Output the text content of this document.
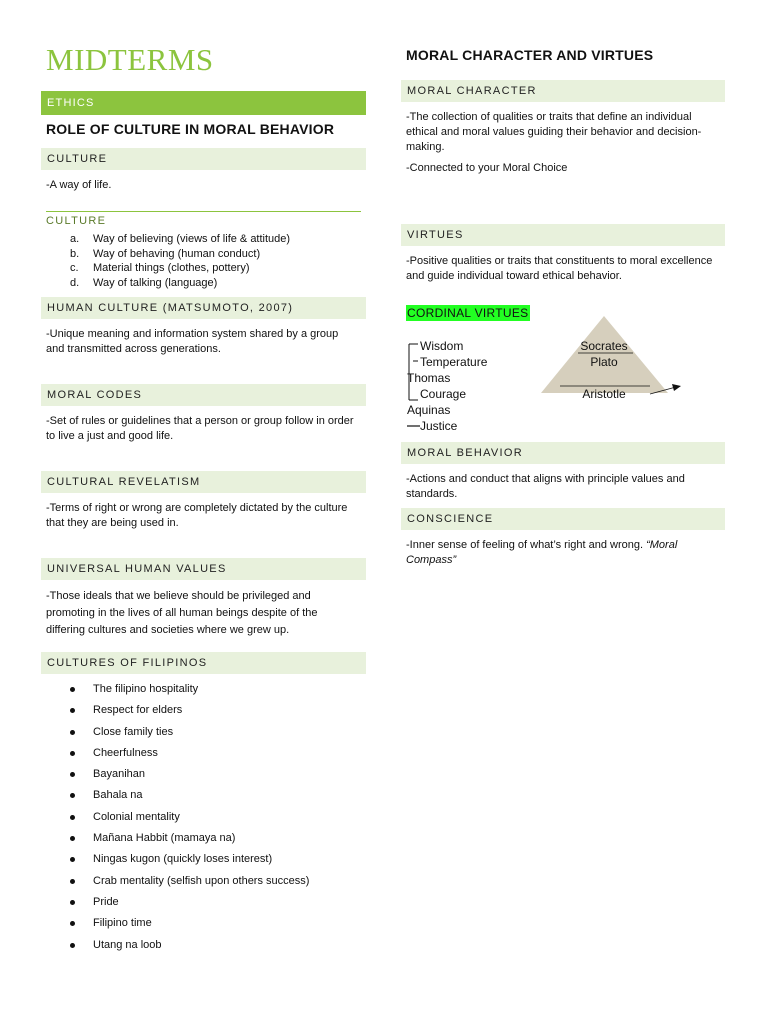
MIDTERMS
ETHICS
ROLE OF CULTURE IN MORAL BEHAVIOR
CULTURE
-A way of life.
CULTURE
a. Way of believing (views of life & attitude)
b. Way of behaving (human conduct)
c. Material things (clothes, pottery)
d. Way of talking (language)
HUMAN CULTURE (MATSUMOTO, 2007)
-Unique meaning and information system shared by a group and transmitted across generations.
MORAL CODES
-Set of rules or guidelines that a person or group follow in order to live a just and good life.
CULTURAL REVELATISM
-Terms of right or wrong are completely dictated by the culture that they are being used in.
UNIVERSAL HUMAN VALUES
-Those ideals that we believe should be privileged and promoting in the lives of all human beings despite of the differing cultures and societies where we grew up.
CULTURES OF FILIPINOS
The filipino hospitality
Respect for elders
Close family ties
Cheerfulness
Bayanihan
Bahala na
Colonial mentality
Mañana Habbit (mamaya na)
Ningas kugon (quickly loses interest)
Crab mentality (selfish upon others success)
Pride
Filipino time
Utang na loob
MORAL CHARACTER AND VIRTUES
MORAL CHARACTER
-The collection of qualities or traits that define an individual ethical and moral values guiding their behavior and decision- making.
-Connected to your Moral Choice
VIRTUES
-Positive qualities or traits that constituents to moral excellence and guide individual toward ethical behavior.
CORDINAL VIRTUES
Wisdom
Temperature
Thomas
Courage
Aquinas
Justice
Socrates
Plato
Aristotle
MORAL BEHAVIOR
-Actions and conduct that aligns with principle values and standards.
CONSCIENCE
-Inner sense of feeling of what’s right and wrong. “Moral Compass”
